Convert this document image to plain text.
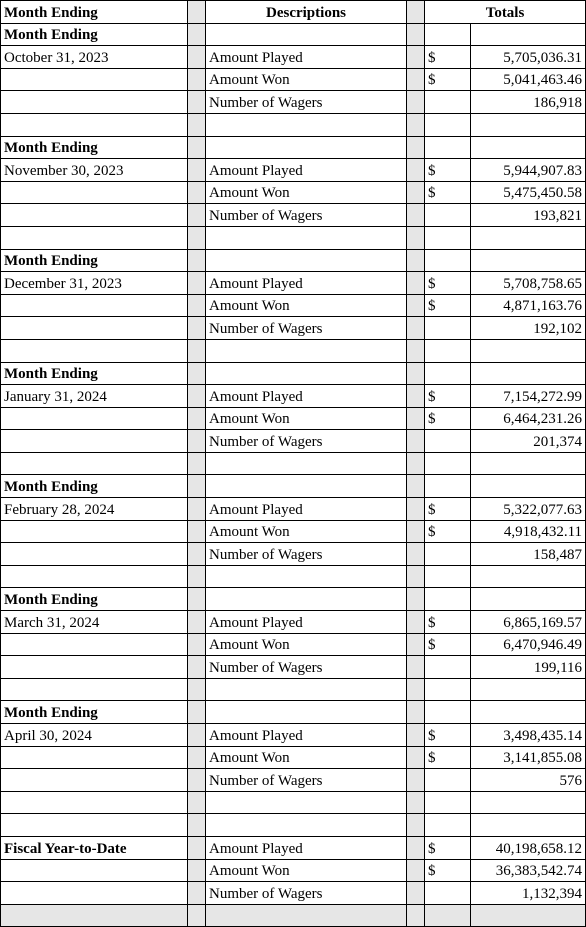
Month Ending		Descriptions		Totals	
Month Ending					
October 31, 2023		Amount Played		$	5,705,036.31
		Amount Won		$	5,041,463.46
		Number of Wagers			186,918

Month Ending					
November 30, 2023		Amount Played		$	5,944,907.83
		Amount Won		$	5,475,450.58
		Number of Wagers			193,821

Month Ending					
December 31, 2023		Amount Played		$	5,708,758.65
		Amount Won		$	4,871,163.76
		Number of Wagers			192,102

Month Ending					
January 31, 2024		Amount Played		$	7,154,272.99
		Amount Won		$	6,464,231.26
		Number of Wagers			201,374

Month Ending					
February 28, 2024		Amount Played		$	5,322,077.63
		Amount Won		$	4,918,432.11
		Number of Wagers			158,487

Month Ending					
March 31, 2024		Amount Played		$	6,865,169.57
		Amount Won		$	6,470,946.49
		Number of Wagers			199,116

Month Ending					
April 30, 2024		Amount Played		$	3,498,435.14
		Amount Won		$	3,141,855.08
		Number of Wagers			576

Fiscal Year-to-Date		Amount Played		$	40,198,658.12
		Amount Won		$	36,383,542.74
		Number of Wagers			1,132,394
